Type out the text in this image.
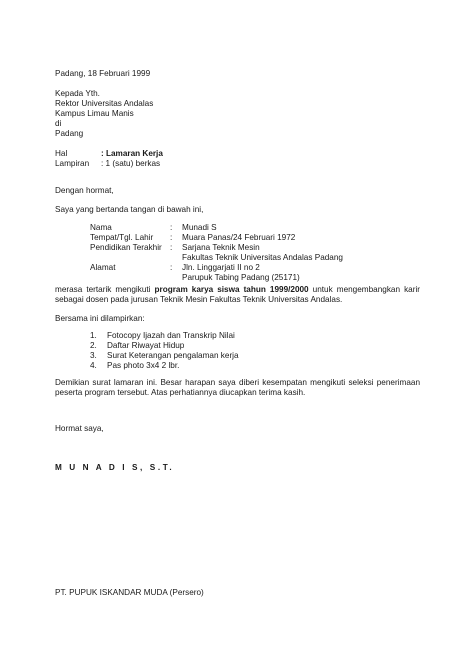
Padang, 18 Februari 1999
Kepada Yth.
Rektor Universitas Andalas
Kampus Limau Manis
di
Padang
Hal	: Lamaran Kerja
Lampiran : 1 (satu) berkas
Dengan hormat,
Saya yang bertanda tangan di bawah ini,
Nama	: Munadi S
Tempat/Tgl. Lahir : Muara Panas/24 Februari 1972
Pendidikan Terakhir : Sarjana Teknik Mesin
Fakultas Teknik Universitas Andalas Padang
Alamat	: Jln. Linggarjati II no 2
Parupuk Tabing Padang (25171)
merasa tertarik mengikuti program karya siswa tahun 1999/2000 untuk mengembangkan karir sebagai dosen pada jurusan Teknik Mesin Fakultas Teknik Universitas Andalas.
Bersama ini dilampirkan:
1. Fotocopy Ijazah dan Transkrip Nilai
2. Daftar Riwayat Hidup
3. Surat Keterangan pengalaman kerja
4. Pas photo 3x4 2 lbr.
Demikian surat lamaran ini. Besar harapan saya diberi kesempatan mengikuti seleksi penerimaan peserta program tersebut. Atas perhatiannya diucapkan terima kasih.
Hormat saya,
M U N A D I S, S.T.
PT. PUPUK ISKANDAR MUDA (Persero)
